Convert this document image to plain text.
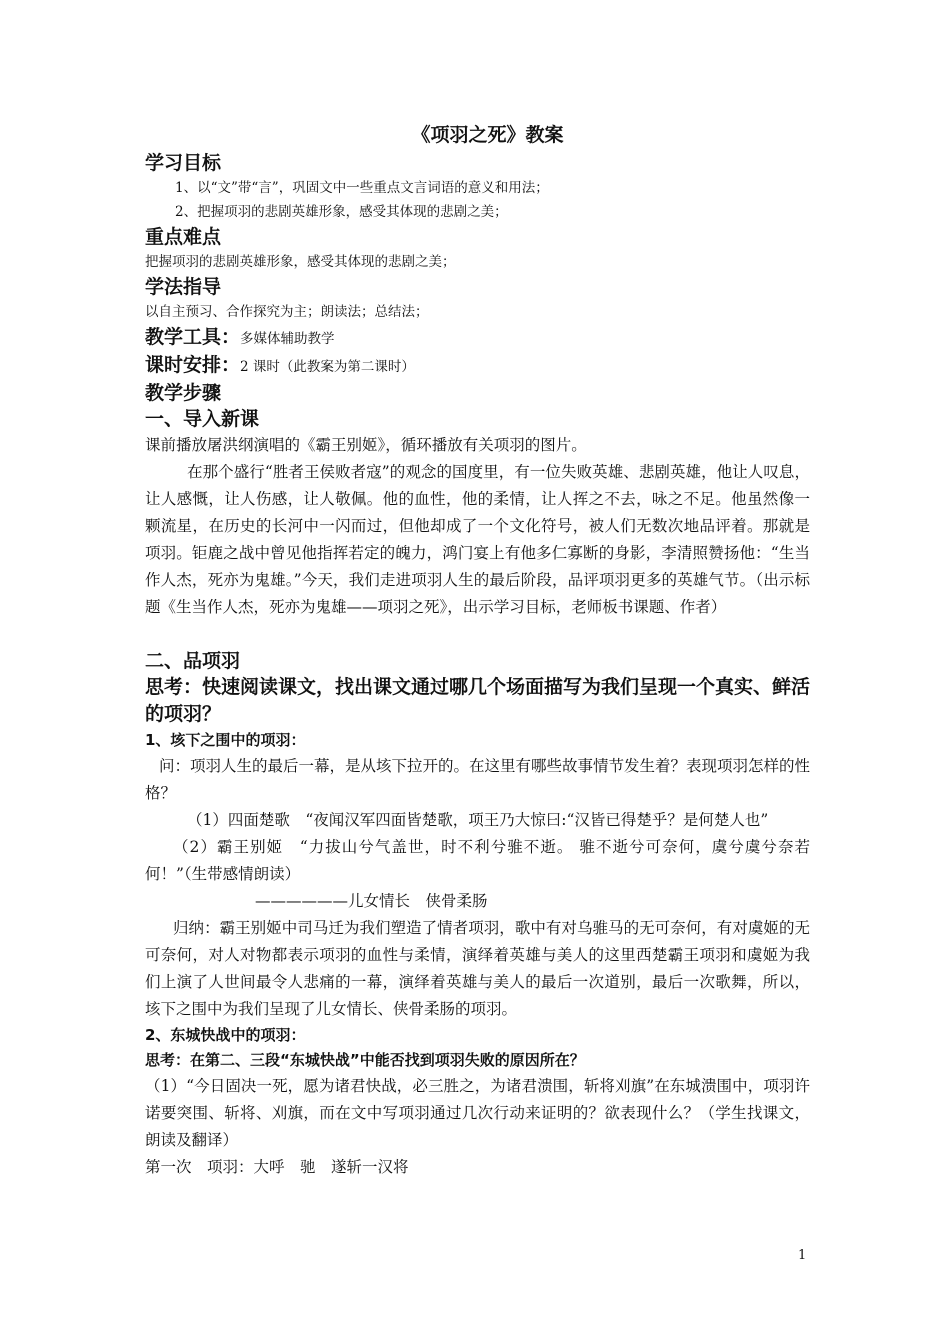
《项羽之死》教案
学习目标
1、以“文”带“言”，巩固文中一些重点文言词语的意义和用法；
2、把握项羽的悲剧英雄形象，感受其体现的悲剧之美；
重点难点
把握项羽的悲剧英雄形象，感受其体现的悲剧之美；
学法指导
以自主预习、合作探究为主；朗读法；总结法；
教学工具：多媒体辅助教学
课时安排：2 课时（此教案为第二课时）
教学步骤
一、导入新课
课前播放屠洪纲演唱的《霸王别姬》，循环播放有关项羽的图片。
在那个盛行“胜者王侯败者寇”的观念的国度里，有一位失败英雄、悲剧英雄，他让人叹息，让人感慨，让人伤感，让人敬佩。他的血性，他的柔情，让人挥之不去，咏之不足。他虽然像一颗流星，在历史的长河中一闪而过，但他却成了一个文化符号，被人们无数次地品评着。那就是项羽。钜鹿之战中曾见他指挥若定的魄力，鸿门宴上有他多仁寡断的身影，李清照赞扬他：“生当作人杰，死亦为鬼雄。”今天，我们走进项羽人生的最后阶段，品评项羽更多的英雄气节。（出示标题《生当作人杰，死亦为鬼雄——项羽之死》，出示学习目标，老师板书课题、作者）
二、品项羽
思考：快速阅读课文，找出课文通过哪几个场面描写为我们呈现一个真实、鲜活的项羽？
1、垓下之围中的项羽：
问：项羽人生的最后一幕，是从垓下拉开的。在这里有哪些故事情节发生着？表现项羽怎样的性格？
（1）四面楚歌　“夜闻汉军四面皆楚歌，项王乃大惊曰:“汉皆已得楚乎？是何楚人也”
（2）霸王别姬　“力拔山兮气盖世，时不利兮骓不逝。 骓不逝兮可奈何，虞兮虞兮奈若何！”（生带感情朗读）
——————儿女情长　侠骨柔肠
归纳：霸王别姬中司马迁为我们塑造了情者项羽，歌中有对乌骓马的无可奈何，有对虞姬的无可奈何，对人对物都表示项羽的血性与柔情，演绎着英雄与美人的这里西楚霸王项羽和虞姬为我们上演了人世间最令人悲痛的一幕，演绎着英雄与美人的最后一次道别，最后一次歌舞，所以，垓下之围中为我们呈现了儿女情长、侠骨柔肠的项羽。
2、东城快战中的项羽：
思考：在第二、三段“东城快战”中能否找到项羽失败的原因所在？
（1）“今日固决一死，愿为诸君快战，必三胜之，为诸君溃围，斩将刈旗”在东城溃围中，项羽许诺要突围、斩将、刈旗，而在文中写项羽通过几次行动来证明的？欲表现什么？（学生找课文，朗读及翻译）
第一次　项羽：大呼　驰　遂斩一汉将
1
